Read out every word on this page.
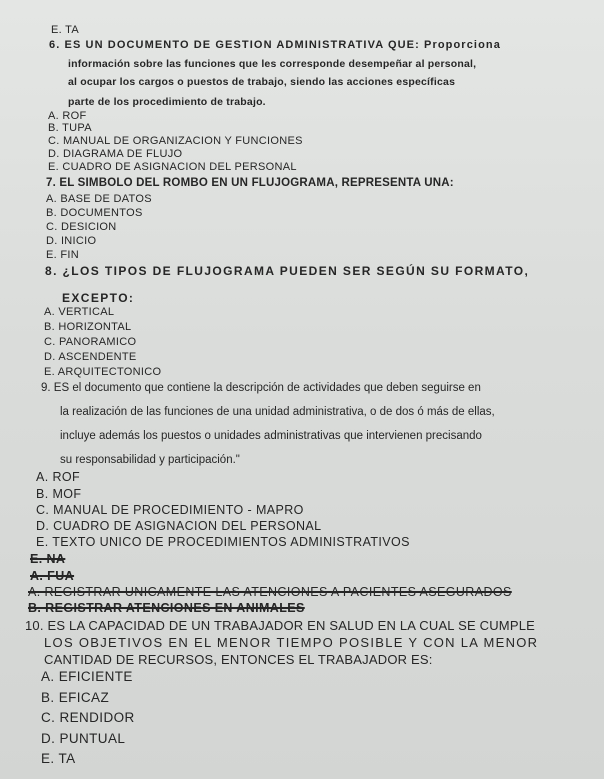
E. TA
6. ES UN DOCUMENTO DE GESTION ADMINISTRATIVA QUE: Proporciona
información sobre las funciones que les corresponde desempeñar al personal,
al ocupar los cargos o puestos de trabajo, siendo las acciones específicas
parte de los procedimiento de trabajo.
A. ROF
B. TUPA
C. MANUAL DE ORGANIZACION Y FUNCIONES
D. DIAGRAMA DE FLUJO
E. CUADRO DE ASIGNACION DEL PERSONAL
7. EL SIMBOLO DEL ROMBO EN UN FLUJOGRAMA, REPRESENTA UNA:
A. BASE DE DATOS
B. DOCUMENTOS
C. DESICION
D. INICIO
E. FIN
8. ¿LOS TIPOS DE FLUJOGRAMA PUEDEN SER SEGÚN SU FORMATO,
EXCEPTO:
A. VERTICAL
B. HORIZONTAL
C. PANORAMICO
D. ASCENDENTE
E. ARQUITECTONICO
9. ES el documento que contiene la descripción de actividades que deben seguirse en
la realización de las funciones de una unidad administrativa, o de dos ó más de ellas,
incluye además los puestos o unidades administrativas que intervienen precisando
su responsabilidad y participación."
A. ROF
B. MOF
C. MANUAL DE PROCEDIMIENTO - MAPRO
D. CUADRO DE ASIGNACION DEL PERSONAL
E. TEXTO UNICO DE PROCEDIMIENTOS ADMINISTRATIVOS
E. NA
A. FUA
A. REGISTRAR UNICAMENTE LAS ATENCIONES A PACIENTES ASEGURADOS
B. REGISTRAR ATENCIONES EN ANIMALES
10. ES LA CAPACIDAD DE UN TRABAJADOR EN SALUD EN LA CUAL SE CUMPLE
LOS OBJETIVOS EN EL MENOR TIEMPO POSIBLE Y CON LA MENOR
CANTIDAD DE RECURSOS, ENTONCES EL TRABAJADOR ES:
A. EFICIENTE
B. EFICAZ
C. RENDIDOR
D. PUNTUAL
E. TA
